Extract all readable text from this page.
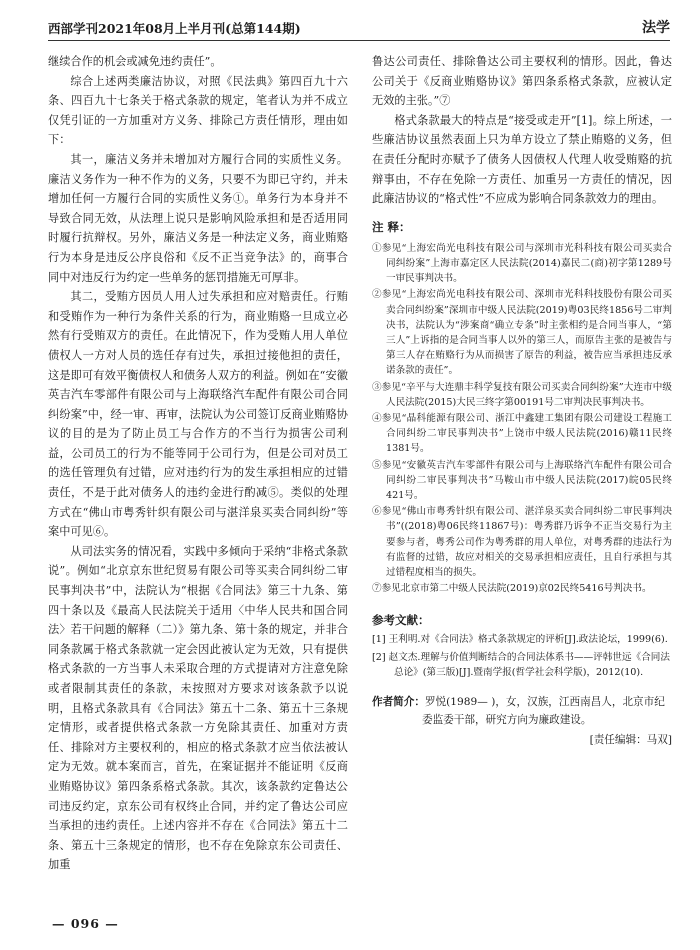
西部学刊2021年08月上半月刊(总第144期)	法学

继续合作的机会或减免违约责任”。

综合上述两类廉洁协议，对照《民法典》第四百九十六条、四百九十七条关于格式条款的规定，笔者认为并不成立仅凭引证的一方加重对方义务、排除己方责任情形，理由如下：

其一，廉洁义务并未增加对方履行合同的实质性义务。廉洁义务作为一种不作为的义务，只要不为即已守约，并未增加任何一方履行合同的实质性义务①。单务行为本身并不导致合同无效，从法理上说只是影响风险承担和是否适用同时履行抗辩权。另外，廉洁义务是一种法定义务，商业贿赂行为本身是违反公序良俗和《反不正当竞争法》的，商事合同中对违反行为约定一些单务的惩罚措施无可厚非。

其二，受贿方因员人用人过失承担和应对赔责任。行贿和受贿作为一种行为条件关系的行为，商业贿赂一旦成立必然有行受贿双方的责任。在此情况下，作为受贿人用人单位债权人一方对人员的选任存有过失，承担过接他担的责任，这是即可有效平衡债权人和债务人双方的利益。例如在“安徽英吉汽车零部件有限公司与上海联络汽车配件有限公司合同纠纷案”中，经一审、再审，法院认为公司签订反商业贿赂协议的目的是为了防止员工与合作方的不当行为损害公司利益，公司员工的行为不能等同于公司行为，但是公司对员工的选任管理负有过错，应对违约行为的发生承担相应的过错责任，不是于此对债务人的违约金进行酌减⑤。类似的处理方式在“佛山市粤秀针织有限公司与湛洋泉买卖合同纠纷”等案中可见⑥。

从司法实务的情况看，实践中多倾向于采纳“非格式条款说”。例如“北京京东世纪贸易有限公司等买卖合同纠纷二审民事判决书”中，法院认为“根据《合同法》第三十九条、第四十条以及《最高人民法院关于适用〈中华人民共和国合同法〉若干问题的解释（二）》第九条、第十条的规定，并非合同条款属于格式条款就一定会因此被认定为无效，只有提供格式条款的一方当事人未采取合理的方式提请对方注意免除或者限制其责任的条款，未按照对方要求对该条款予以说明，且格式条款具有《合同法》第五十二条、第五十三条规定情形，或者提供格式条款一方免除其责任、加重对方责任、排除对方主要权利的，相应的格式条款才应当依法被认定为无效。就本案而言，首先，在案证据并不能证明《反商业贿赂协议》第四条系格式条款。其次，该条款约定鲁达公司违反约定，京东公司有权终止合同，并约定了鲁达公司应当承担的违约责任。上述内容并不存在《合同法》第五十二条、第五十三条规定的情形，也不存在免除京东公司责任、加重

鲁达公司责任、排除鲁达公司主要权利的情形。因此，鲁达公司关于《反商业贿赂协议》第四条系格式条款，应被认定无效的主张。”⑦

格式条款最大的特点是“接受或走开”[1]。综上所述，一些廉洁协议虽然表面上只为单方设立了禁止贿赂的义务，但在责任分配时亦赋予了债务人因债权人代理人收受贿赂的抗辩事由，不存在免除一方责任、加重另一方责任的情况，因此廉洁协议的“格式性”不应成为影响合同条款效力的理由。

注 释：
①参见“上海宏尚光电科技有限公司与深圳市光科科技有限公司买卖合同纠纷案”上海市嘉定区人民法院(2014)嘉民二(商)初字第1289号一审民事判决书。
②参见“上海宏尚光电科技有限公司、深圳市光科科技股份有限公司买卖合同纠纷案”深圳市中级人民法院(2019)粤03民终1856号二审判决书，法院认为“涉案商“确立专条”时主张相约是合同当事人，“第三人”上诉指的是合同当事人以外的第三人，而原告主张的是被告与第三人存在贿赂行为从而损害了原告的利益，被告应当承担违反承诺条款的责任”。
③参见“辛平与大连鼎丰科学复技有限公司买卖合同纠纷案”大连市中级人民法院(2015)大民三终字第00191号二审判决民事判决书。
④参见“晶科能源有限公司、浙江中鑫建工集团有限公司建设工程施工合同纠纷二审民事判决书”上饶市中级人民法院(2016)赣11民终1381号。
⑤参见“安徽英吉汽车零部件有限公司与上海联络汽车配件有限公司合同纠纷二审民事判决书”马鞍山市中级人民法院(2017)皖05民终421号。
⑥参见“佛山市粤秀针织有限公司、湛洋泉买卖合同纠纷二审民事判决书”((2018)粤06民终11867号)：粤秀群乃诉争不正当交易行为主要参与者，粤秀公司作为粤秀群的用人单位，对粤秀群的违法行为有监督的过错，故应对相关的交易承担相应责任，且自行承担与其过错程度相当的损失。
⑦参见北京市第二中级人民法院(2019)京02民终5416号判决书。
参考文献：
[1] 王利明.对《合同法》格式条款规定的评析[J].政法论坛，1999(6).
[2] 赵文杰.理解与价值判断结合的合同法体系书——评韩世远《合同法总论》(第三版)[J].暨南学报(哲学社会科学版)，2012(10).
作者简介：罗悦(1989— )，女，汉族，江西南昌人，北京市纪委监委干部，研究方向为廉政建设。
[责任编辑：马双]
— 096 —
